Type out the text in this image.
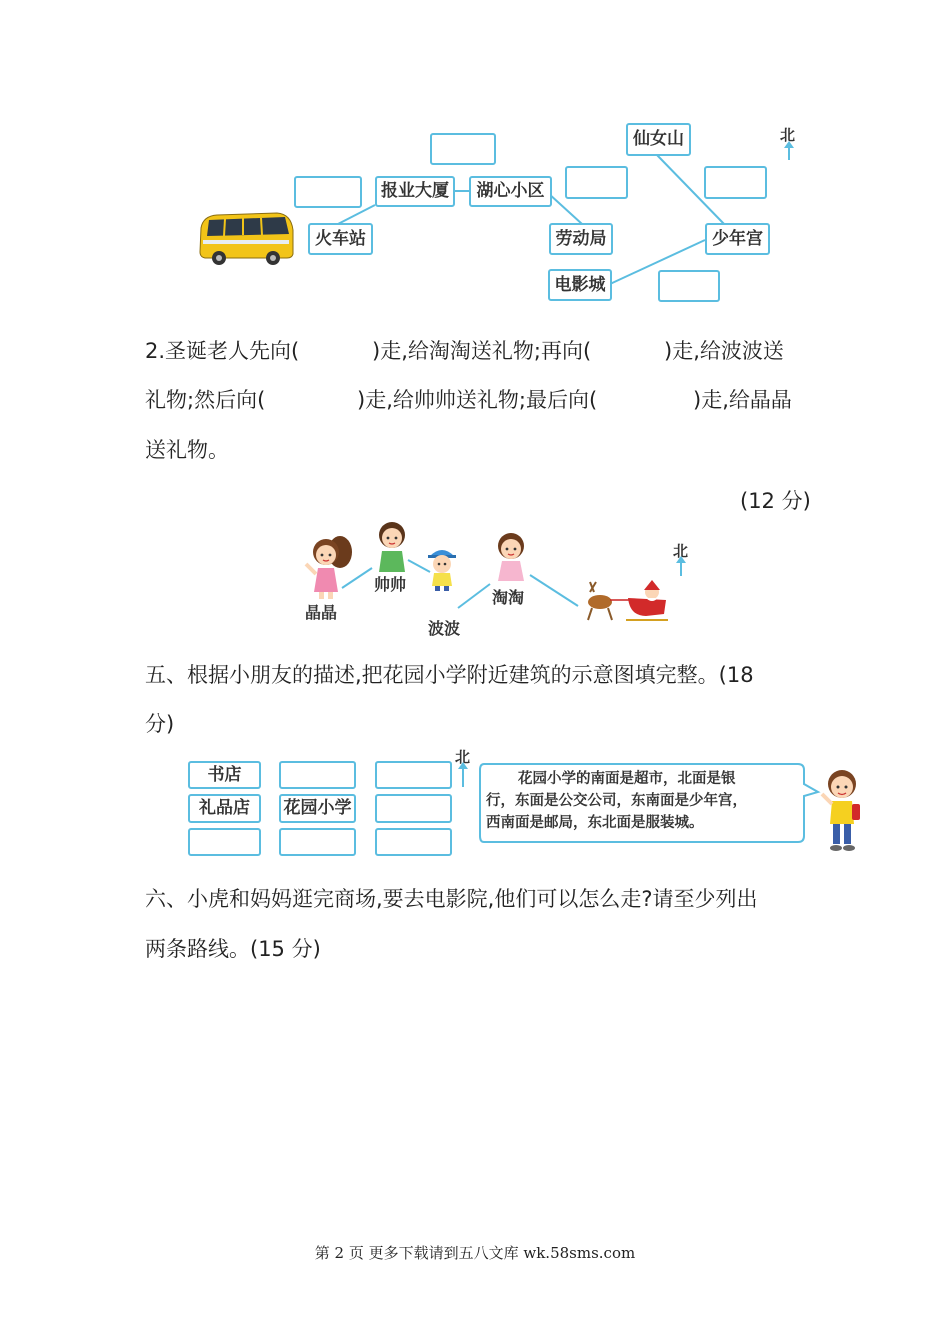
报业大厦	湖心小区
仙女山
火车站	劳动局	少年宫
电影城
北
2.圣诞老人先向(	)走,给淘淘送礼物;再向(	)走,给波波送
礼物;然后向(	)走,给帅帅送礼物;最后向(	)走,给晶晶
送礼物。
(12 分)
晶晶
帅帅
波波
淘淘
北
五、根据小朋友的描述,把花园小学附近建筑的示意图填完整。(18
分)
书店
礼品店	花园小学
北
花园小学的南面是超市，北面是银
行，东面是公交公司，东南面是少年宫，
西南面是邮局，东北面是服装城。
六、小虎和妈妈逛完商场,要去电影院,他们可以怎么走?请至少列出
两条路线。(15 分)
第 2 页 更多下载请到五八文库 wk.58sms.com
